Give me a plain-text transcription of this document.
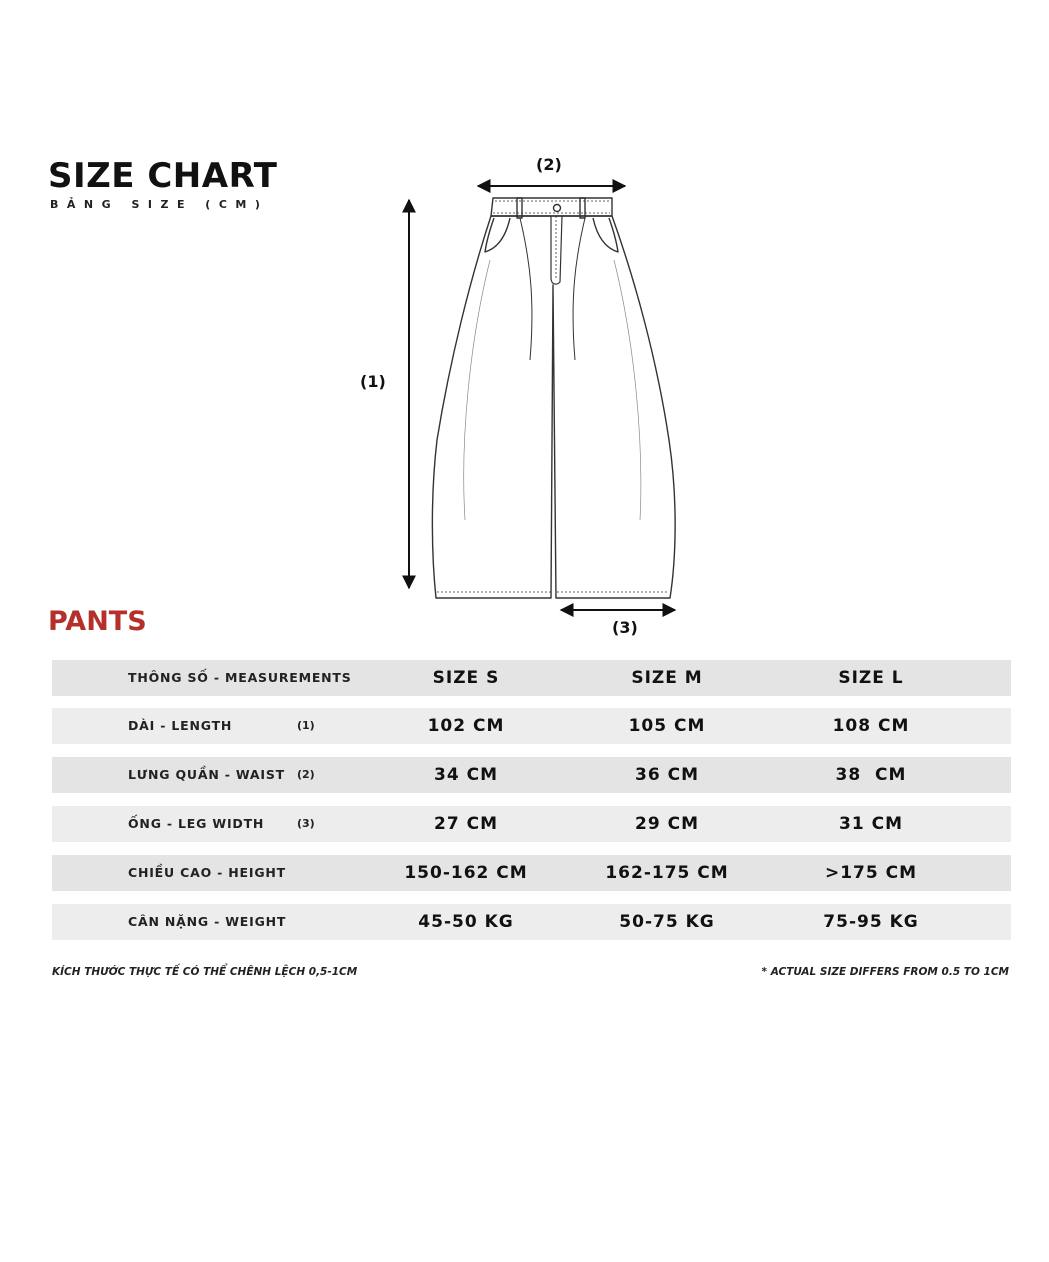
SIZE CHART
BẢNG SIZE (CM)
(1)
(2)
(3)
PANTS
THÔNG SỐ - MEASUREMENTS	SIZE S	SIZE M	SIZE L
DÀI - LENGTH	(1)	102 CM	105 CM	108 CM
LƯNG QUẦN - WAIST (2)	34 CM	36 CM	38  CM
ỐNG - LEG WIDTH	(3)	27 CM	29 CM	31 CM
CHIỀU CAO - HEIGHT	150-162 CM	162-175 CM	>175 CM
CÂN NẶNG - WEIGHT	45-50 KG	50-75 KG	75-95 KG
KÍCH THƯỚC THỰC TẾ CÓ THỂ CHÊNH LỆCH 0,5-1CM	* ACTUAL SIZE DIFFERS FROM 0.5 TO 1CM
